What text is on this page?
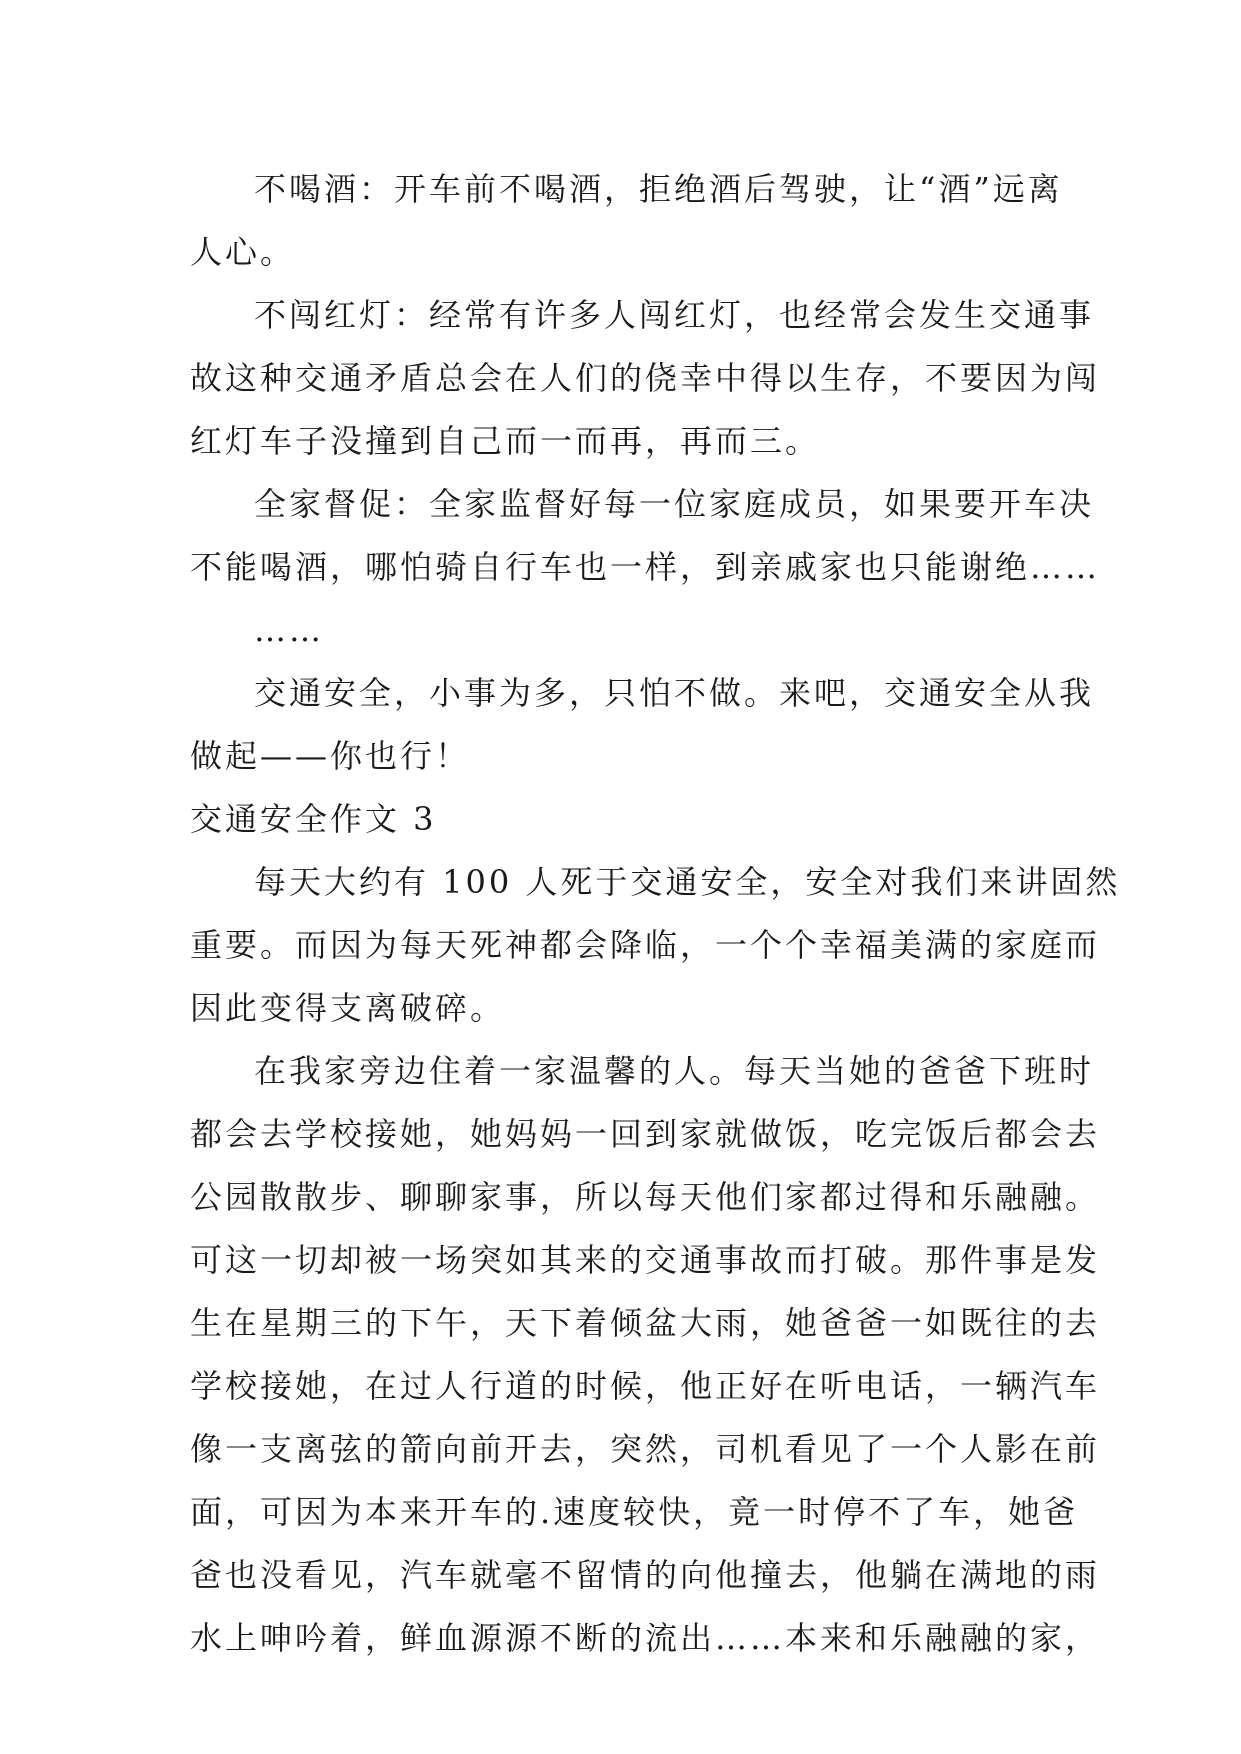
不喝酒：开车前不喝酒，拒绝酒后驾驶，让“酒”远离
人心。

不闯红灯：经常有许多人闯红灯，也经常会发生交通事
故这种交通矛盾总会在人们的侥幸中得以生存，不要因为闯
红灯车子没撞到自己而一而再，再而三。

全家督促：全家监督好每一位家庭成员，如果要开车决
不能喝酒，哪怕骑自行车也一样，到亲戚家也只能谢绝……

……

交通安全，小事为多，只怕不做。来吧，交通安全从我
做起——你也行！

交通安全作文 3

每天大约有 100 人死于交通安全，安全对我们来讲固然
重要。而因为每天死神都会降临，一个个幸福美满的家庭而
因此变得支离破碎。

在我家旁边住着一家温馨的人。每天当她的爸爸下班时
都会去学校接她，她妈妈一回到家就做饭，吃完饭后都会去
公园散散步、聊聊家事，所以每天他们家都过得和乐融融。
可这一切却被一场突如其来的交通事故而打破。那件事是发
生在星期三的下午，天下着倾盆大雨，她爸爸一如既往的去
学校接她，在过人行道的时候，他正好在听电话，一辆汽车
像一支离弦的箭向前开去，突然，司机看见了一个人影在前
面，可因为本来开车的.速度较快，竟一时停不了车，她爸
爸也没看见，汽车就毫不留情的向他撞去，他躺在满地的雨
水上呻吟着，鲜血源源不断的流出……本来和乐融融的家，
